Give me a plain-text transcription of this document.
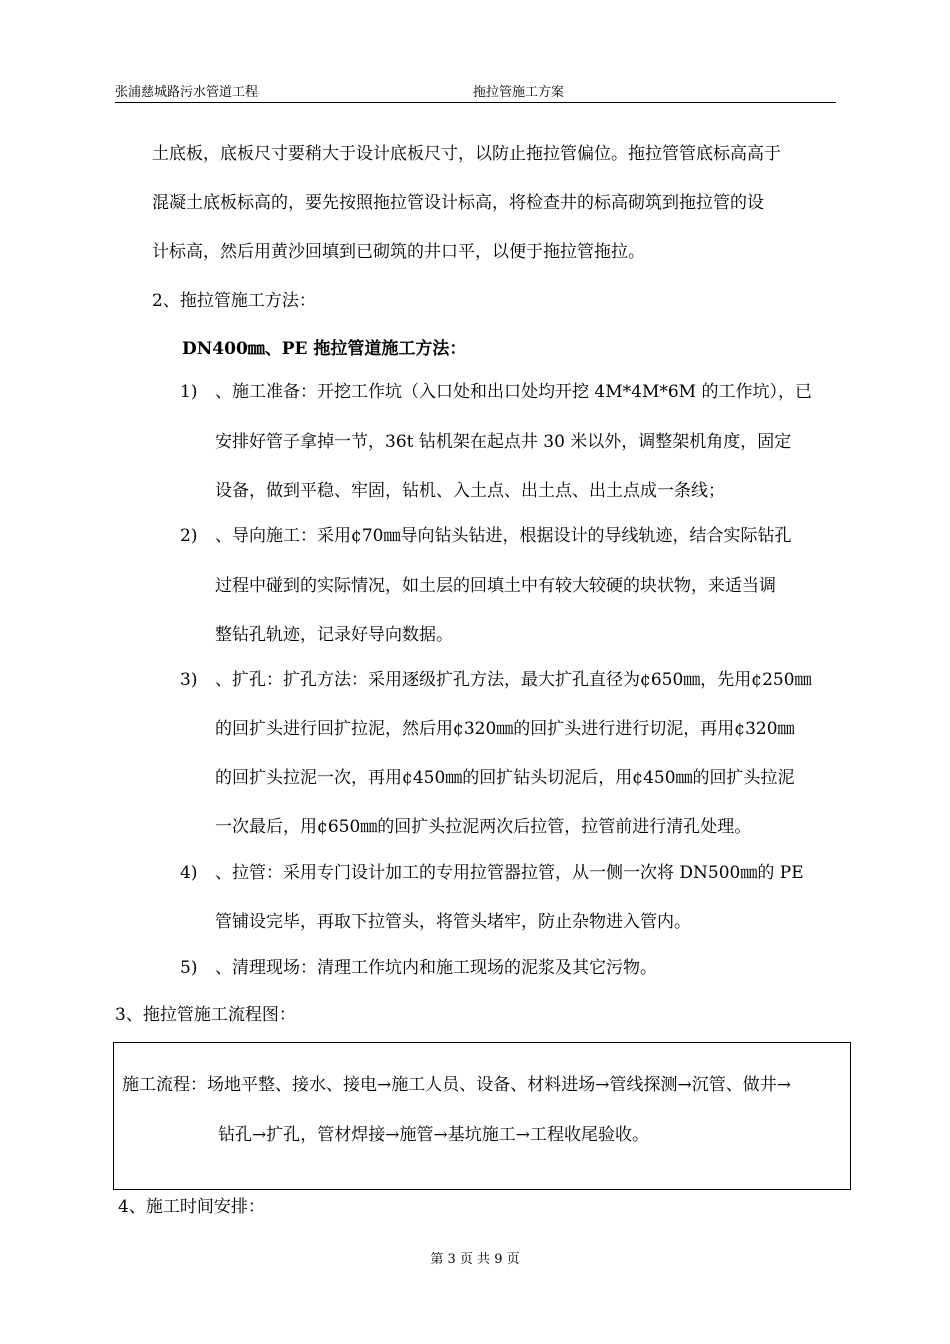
张浦慈城路污水管道工程	拖拉管施工方案
土底板，底板尺寸要稍大于设计底板尺寸，以防止拖拉管偏位。拖拉管管底标高高于
混凝土底板标高的，要先按照拖拉管设计标高，将检查井的标高砌筑到拖拉管的设
计标高，然后用黄沙回填到已砌筑的井口平，以便于拖拉管拖拉。
2、拖拉管施工方法：
DN400㎜、PE 拖拉管道施工方法：
1) 、施工准备：开挖工作坑（入口处和出口处均开挖 4M*4M*6M 的工作坑），已
安排好管子拿掉一节，36t 钻机架在起点井 30 米以外，调整架机角度，固定
设备，做到平稳、牢固，钻机、入土点、出土点、出土点成一条线；
2) 、导向施工：采用¢70㎜导向钻头钻进，根据设计的导线轨迹，结合实际钻孔
过程中碰到的实际情况，如土层的回填土中有较大较硬的块状物，来适当调
整钻孔轨迹，记录好导向数据。
3) 、扩孔：扩孔方法：采用逐级扩孔方法，最大扩孔直径为¢650㎜，先用¢250㎜
的回扩头进行回扩拉泥，然后用¢320㎜的回扩头进行进行切泥，再用¢320㎜
的回扩头拉泥一次，再用¢450㎜的回扩钻头切泥后，用¢450㎜的回扩头拉泥
一次最后，用¢650㎜的回扩头拉泥两次后拉管，拉管前进行清孔处理。
4) 、拉管：采用专门设计加工的专用拉管器拉管，从一侧一次将 DN500㎜的 PE
管铺设完毕，再取下拉管头，将管头堵牢，防止杂物进入管内。
5) 、清理现场：清理工作坑内和施工现场的泥浆及其它污物。
3、拖拉管施工流程图：
施工流程：场地平整、接水、接电→施工人员、设备、材料进场→管线探测→沉管、做井→
钻孔→扩孔，管材焊接→施管→基坑施工→工程收尾验收。
4、施工时间安排：
第 3 页 共 9 页
